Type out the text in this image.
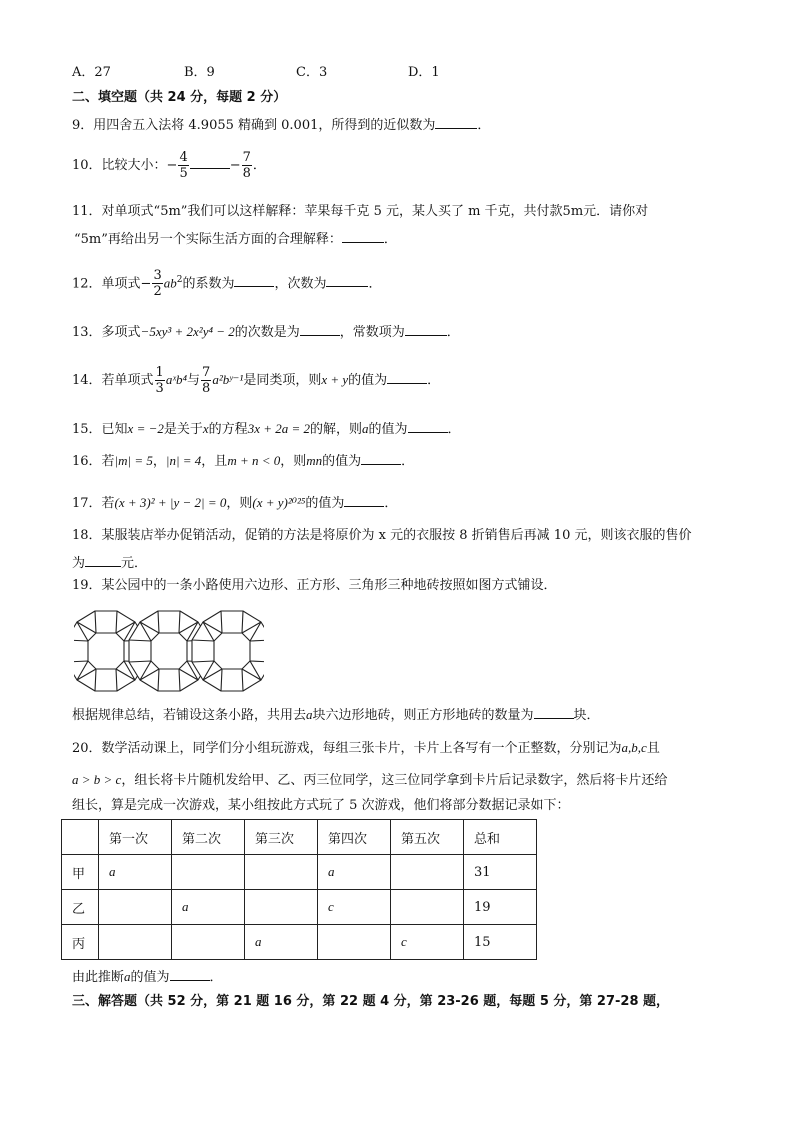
A．27	B．9	C．3	D．1
二、填空题（共 24 分，每题 2 分）
9．用四舍五入法将 4.9055 精确到 0.001，所得到的近似数为	．
10．比较大小：− $\frac{4}{5}$	− $\frac{7}{8}$ ．
11．对单项式“5m”我们可以这样解释：苹果每千克 5 元，某人买了 m 千克，共付款5m元．请你对
“5m”再给出另一个实际生活方面的合理解释：	．
12．单项式− $\frac{3}{2} ab^2$的系数为	，次数为	．
13．多项式−5xy³ + 2x²y⁴ − 2的次数是为	，常数项为	．
14．若单项式 $\frac{1}{3}$ aˣb⁴与 $\frac{7}{8}$ a²bʸ⁻¹是同类项，则x + y的值为	．
15．已知x = −2是关于x的方程3x + 2a = 2的解，则a的值为	．
16．若|m| = 5，|n| = 4，且m + n < 0，则mn的值为	．
17．若(x + 3)² + |y − 2| = 0，则(x + y)²⁰²⁵的值为	．
18．某服装店举办促销活动，促销的方法是将原价为 x 元的衣服按 8 折销售后再减 10 元，则该衣服的售价
为	元．
19．某公园中的一条小路使用六边形、正方形、三角形三种地砖按照如图方式铺设．
根据规律总结，若铺设这条小路，共用去a块六边形地砖，则正方形地砖的数量为	块．
20．数学活动课上，同学们分小组玩游戏，每组三张卡片，卡片上各写有一个正整数，分别记为a,b,c且
a > b > c，组长将卡片随机发给甲、乙、丙三位同学，这三位同学拿到卡片后记录数字，然后将卡片还给
组长，算是完成一次游戏，某小组按此方式玩了 5 次游戏，他们将部分数据记录如下：
	第一次	第二次	第三次	第四次	第五次	总和
甲	a			a		31
乙		a		c		19
丙			a		c	15
由此推断a的值为	．
三、解答题（共 52 分，第 21 题 16 分，第 22 题 4 分，第 23-26 题，每题 5 分，第 27-28 题，
